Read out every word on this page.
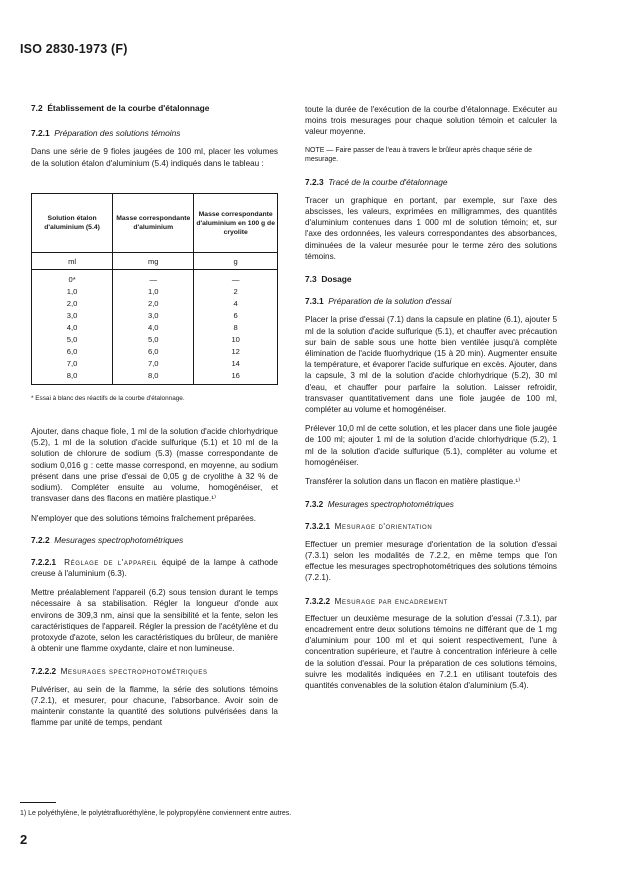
ISO 2830-1973 (F)
7.2 Établissement de la courbe d'étalonnage
7.2.1 Préparation des solutions témoins

Dans une série de 9 fioles jaugées de 100 ml, placer les volumes de la solution étalon d'aluminium (5.4) indiqués dans le tableau :

Solution étalon d'aluminium (5.4)	Masse correspondante d'aluminium	Masse correspondante d'aluminium en 100 g de cryolite
ml	mg	g
0*	—	—
1,0	1,0	2
2,0	2,0	4
3,0	3,0	6
4,0	4,0	8
5,0	5,0	10
6,0	6,0	12
7,0	7,0	14
8,0	8,0	16
* Essai à blanc des réactifs de la courbe d'étalonnage.

Ajouter, dans chaque fiole, 1 ml de la solution d'acide chlorhydrique (5.2), 1 ml de la solution d'acide sulfurique (5.1) et 10 ml de la solution de chlorure de sodium (5.3) (masse correspondante de sodium 0,016 g : cette masse correspond, en moyenne, au sodium présent dans une prise d'essai de 0,05 g de cryolithe à 32 % de sodium). Compléter ensuite au volume, homogénéiser, et transvaser dans des flacons en matière plastique.¹⁾

N'employer que des solutions témoins fraîchement préparées.

7.2.2 Mesurages spectrophotométriques

7.2.2.1 Réglage de l'appareil équipé de la lampe à cathode creuse à l'aluminium (6.3).

Mettre préalablement l'appareil (6.2) sous tension durant le temps nécessaire à sa stabilisation. Régler la longueur d'onde aux environs de 309,3 nm, ainsi que la sensibilité et la fente, selon les caractéristiques de l'appareil. Régler la pression de l'acétylène et du protoxyde d'azote, selon les caractéristiques du brûleur, de manière à obtenir une flamme oxydante, claire et non lumineuse.

7.2.2.2 Mesurages spectrophotométriques

Pulvériser, au sein de la flamme, la série des solutions témoins (7.2.1), et mesurer, pour chacune, l'absorbance. Avoir soin de maintenir constante la quantité des solutions pulvérisées dans la flamme par unité de temps, pendant

toute la durée de l'exécution de la courbe d'étalonnage. Exécuter au moins trois mesurages pour chaque solution témoin et calculer la valeur moyenne.

NOTE — Faire passer de l'eau à travers le brûleur après chaque série de mesurage.
7.2.3 Tracé de la courbe d'étalonnage

Tracer un graphique en portant, par exemple, sur l'axe des abscisses, les valeurs, exprimées en milligrammes, des quantités d'aluminium contenues dans 1 000 ml de solution témoin; et, sur l'axe des ordonnées, les valeurs correspondantes des absorbances, diminuées de la valeur mesurée pour le terme zéro des solutions témoins.

7.3 Dosage
7.3.1 Préparation de la solution d'essai

Placer la prise d'essai (7.1) dans la capsule en platine (6.1), ajouter 5 ml de la solution d'acide sulfurique (5.1), et chauffer avec précaution sur bain de sable sous une hotte bien ventilée jusqu'à complète élimination de l'acide fluorhydrique (15 à 20 min). Augmenter ensuite la température, et évaporer l'acide sulfurique en excès. Ajouter, dans la capsule, 3 ml de la solution d'acide chlorhydrique (5.2), 30 ml d'eau, et chauffer pour parfaire la solution. Laisser refroidir, transvaser quantitativement dans une fiole jaugée de 100 ml, compléter au volume et homogénéiser.

Prélever 10,0 ml de cette solution, et les placer dans une fiole jaugée de 100 ml; ajouter 1 ml de la solution d'acide chlorhydrique (5.2), 1 ml de la solution d'acide sulfurique (5.1), compléter au volume et homogénéiser.

Transférer la solution dans un flacon en matière plastique.¹⁾

7.3.2 Mesurages spectrophotométriques
7.3.2.1 Mesurage d'orientation

Effectuer un premier mesurage d'orientation de la solution d'essai (7.3.1) selon les modalités de 7.2.2, en même temps que l'on effectue les mesurages spectrophotométriques des solutions témoins (7.2.1).

7.3.2.2 Mesurage par encadrement

Effectuer un deuxième mesurage de la solution d'essai (7.3.1), par encadrement entre deux solutions témoins ne différant que de 1 mg d'aluminium pour 100 ml et qui soient respectivement, l'une à concentration supérieure, et l'autre à concentration inférieure à celle de la solution d'essai. Pour la préparation de ces solutions témoins, suivre les modalités indiquées en 7.2.1 en utilisant toutefois des quantités convenables de la solution étalon d'aluminium (5.4).

1) Le polyéthylène, le polytétrafluoréthylène, le polypropylène conviennent entre autres.
2
